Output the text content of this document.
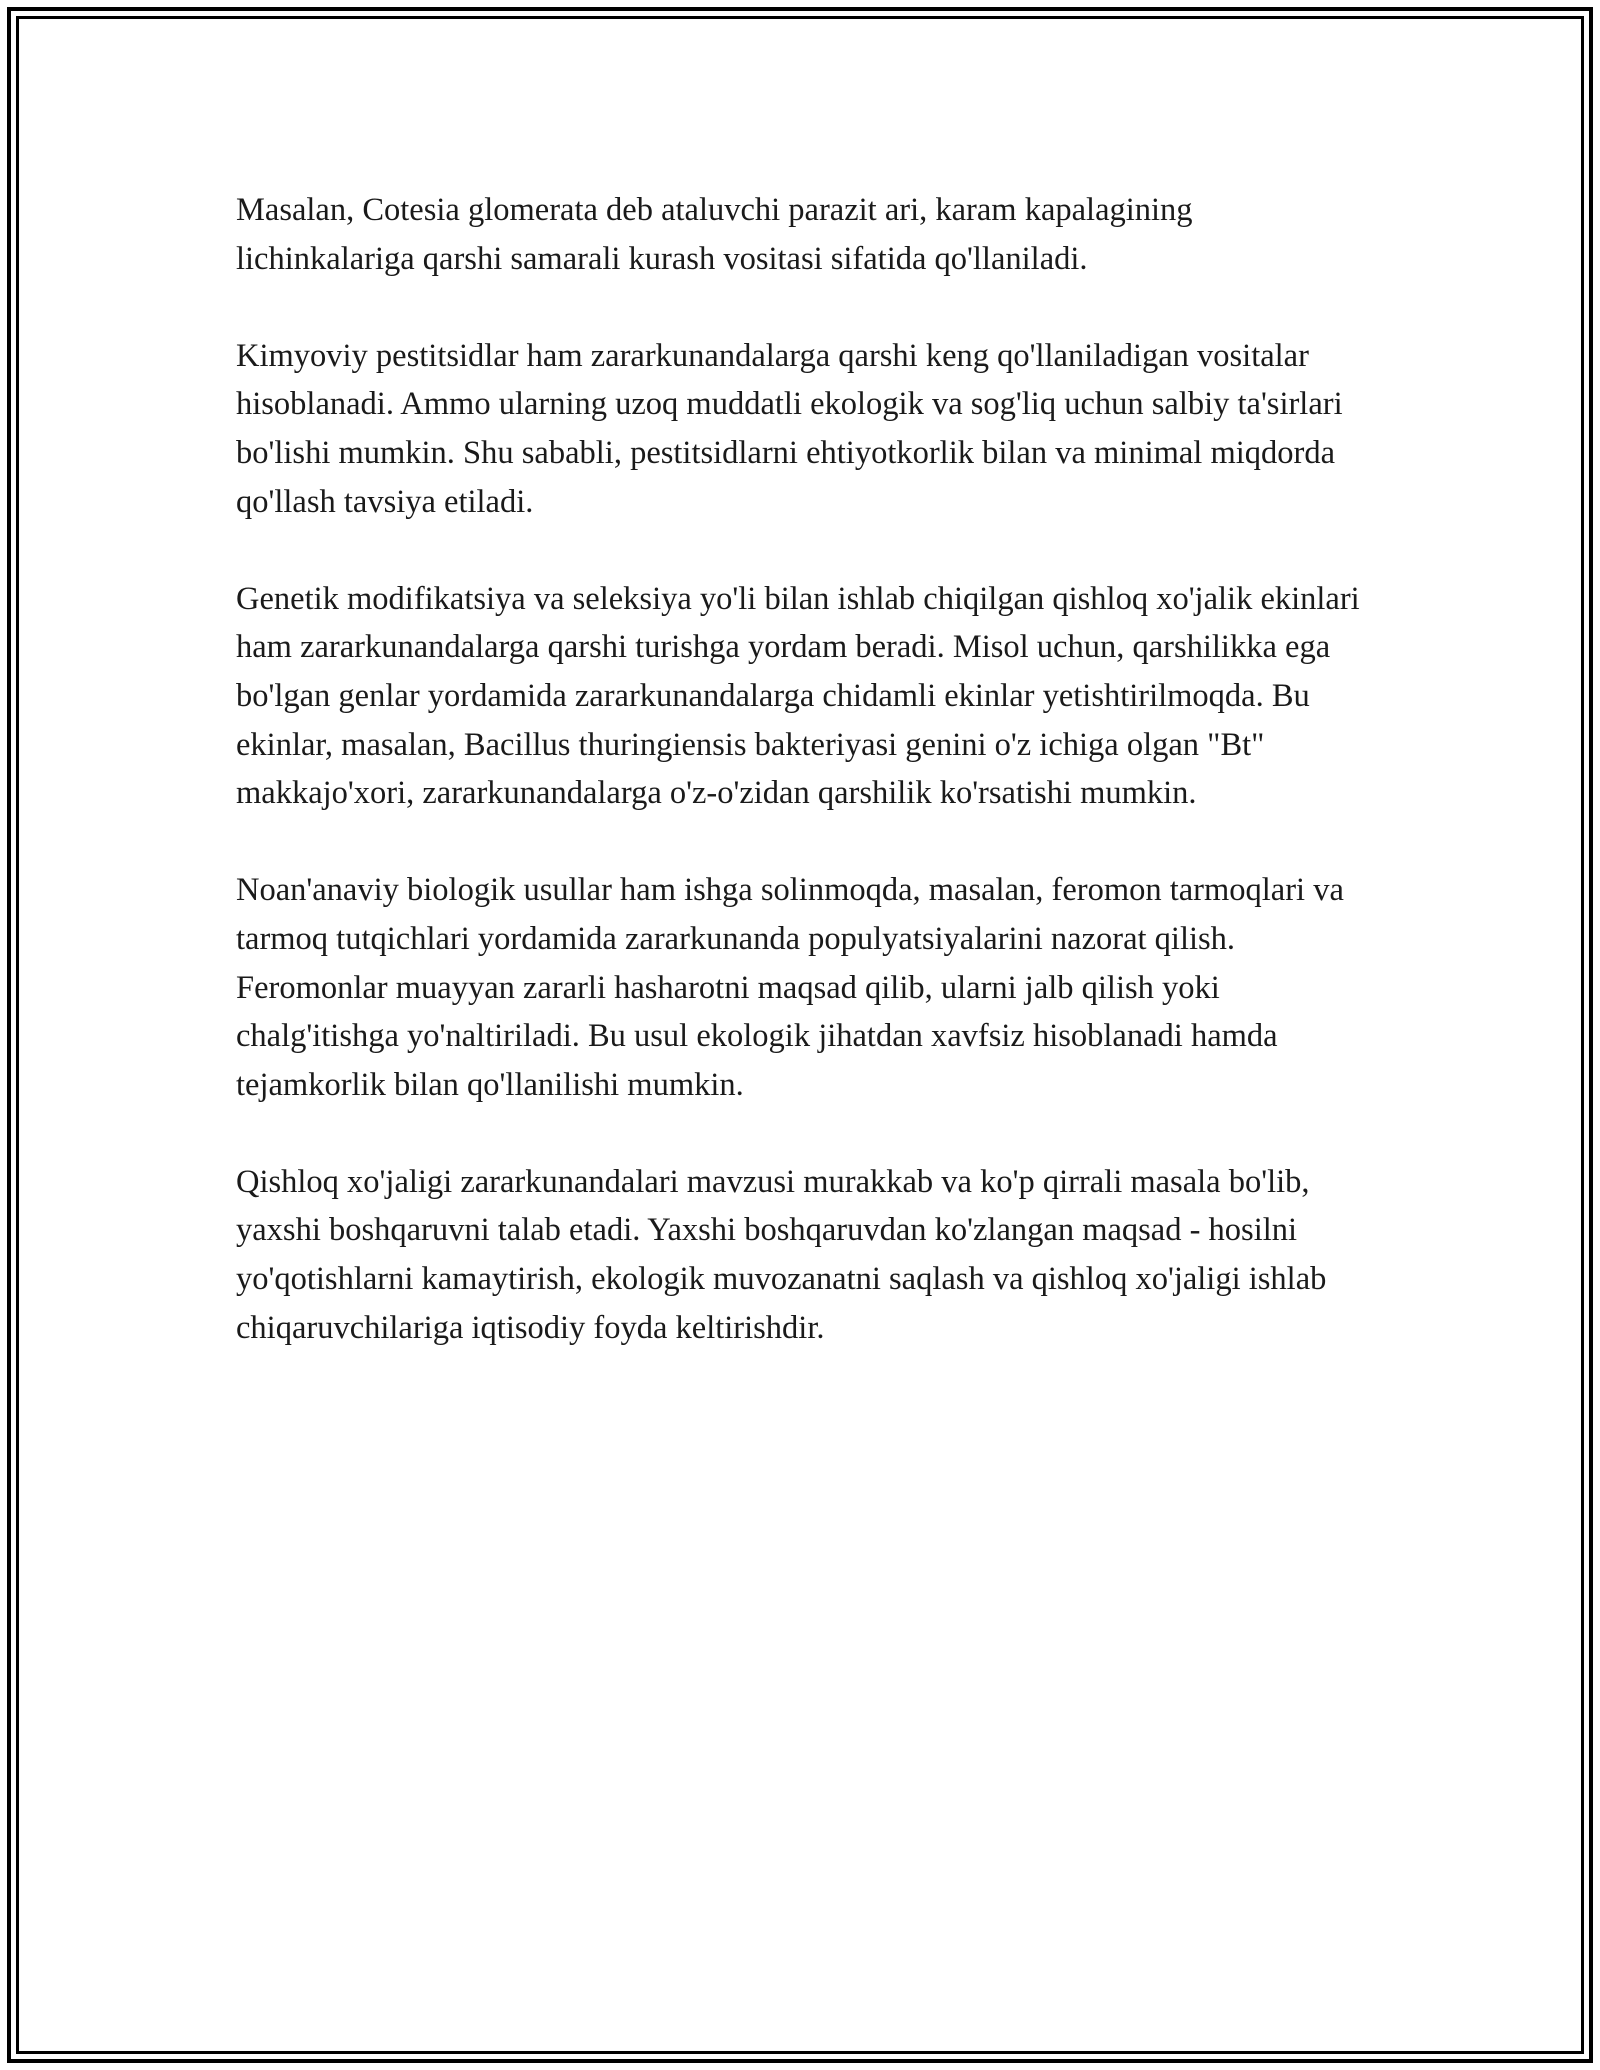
Masalan, Cotesia glomerata deb ataluvchi parazit ari, karam kapalagining lichinkalariga qarshi samarali kurash vositasi sifatida qo'llaniladi.

Kimyoviy pestitsidlar ham zararkunandalarga qarshi keng qo'llaniladigan vositalar hisoblanadi. Ammo ularning uzoq muddatli ekologik va sog'liq uchun salbiy ta'sirlari bo'lishi mumkin. Shu sababli, pestitsidlarni ehtiyotkorlik bilan va minimal miqdorda qo'llash tavsiya etiladi.

Genetik modifikatsiya va seleksiya yo'li bilan ishlab chiqilgan qishloq xo'jalik ekinlari ham zararkunandalarga qarshi turishga yordam beradi. Misol uchun, qarshilikka ega bo'lgan genlar yordamida zararkunandalarga chidamli ekinlar yetishtirilmoqda. Bu ekinlar, masalan, Bacillus thuringiensis bakteriyasi genini o'z ichiga olgan "Bt" makkajo'xori, zararkunandalarga o'z-o'zidan qarshilik ko'rsatishi mumkin.

Noan'anaviy biologik usullar ham ishga solinmoqda, masalan, feromon tarmoqlari va tarmoq tutqichlari yordamida zararkunanda populyatsiyalarini nazorat qilish. Feromonlar muayyan zararli hasharotni maqsad qilib, ularni jalb qilish yoki chalg'itishga yo'naltiriladi. Bu usul ekologik jihatdan xavfsiz hisoblanadi hamda tejamkorlik bilan qo'llanilishi mumkin.

Qishloq xo'jaligi zararkunandalari mavzusi murakkab va ko'p qirrali masala bo'lib, yaxshi boshqaruvni talab etadi. Yaxshi boshqaruvdan ko'zlangan maqsad - hosilni yo'qotishlarni kamaytirish, ekologik muvozanatni saqlash va qishloq xo'jaligi ishlab chiqaruvchilariga iqtisodiy foyda keltirishdir.
